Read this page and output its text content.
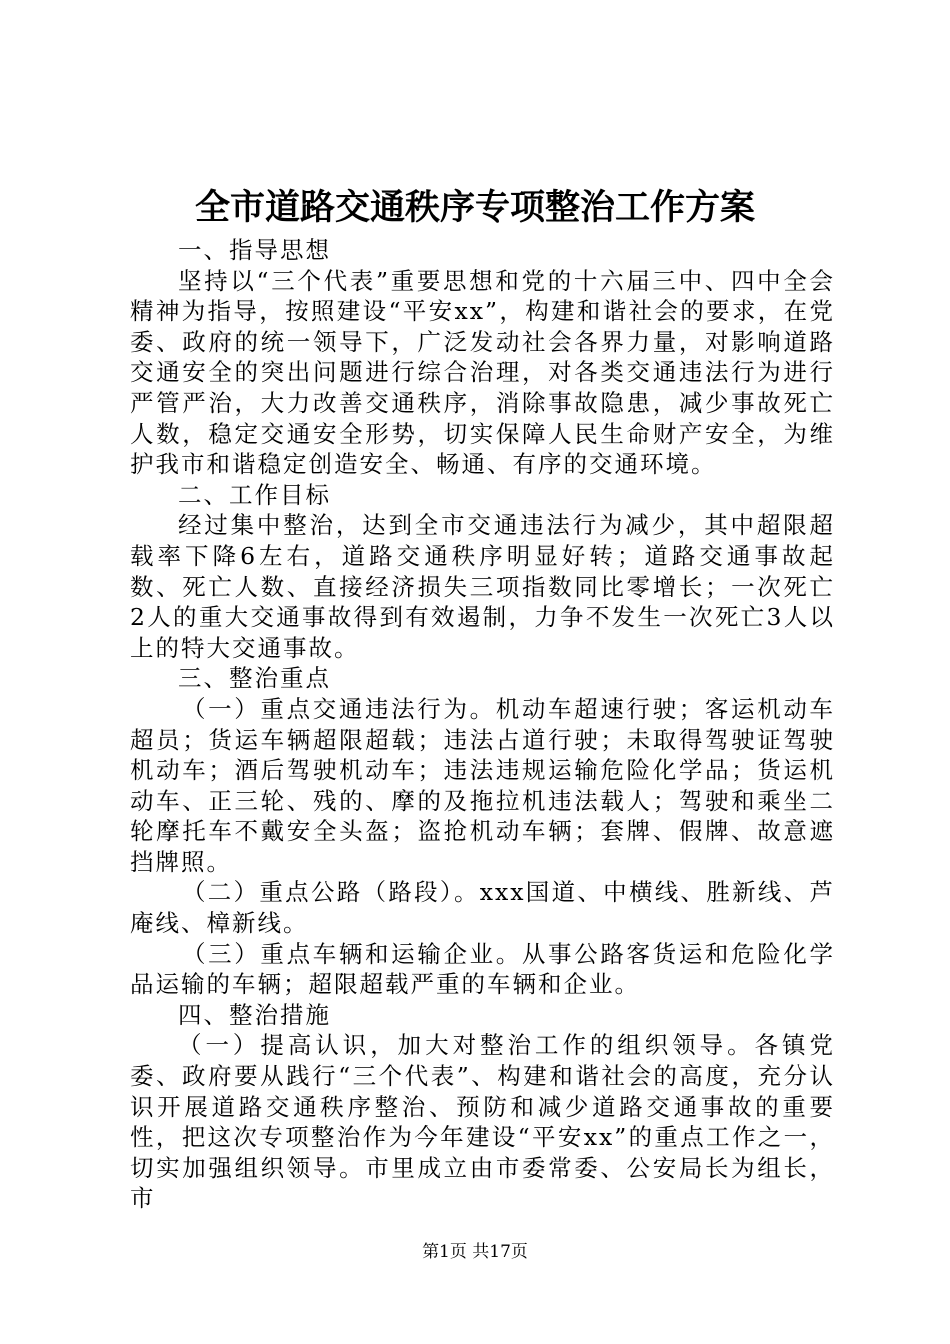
全市道路交通秩序专项整治工作方案

一、指导思想

坚持以“三个代表”重要思想和党的十六届三中、四中全会精神为指导，按照建设“平安xx”，构建和谐社会的要求，在党委、政府的统一领导下，广泛发动社会各界力量，对影响道路交通安全的突出问题进行综合治理，对各类交通违法行为进行严管严治，大力改善交通秩序，消除事故隐患，减少事故死亡人数，稳定交通安全形势，切实保障人民生命财产安全，为维护我市和谐稳定创造安全、畅通、有序的交通环境。

二、工作目标

经过集中整治，达到全市交通违法行为减少，其中超限超载率下降6左右，道路交通秩序明显好转；道路交通事故起数、死亡人数、直接经济损失三项指数同比零增长；一次死亡2人的重大交通事故得到有效遏制，力争不发生一次死亡3人以上的特大交通事故。

三、整治重点

（一）重点交通违法行为。机动车超速行驶；客运机动车超员；货运车辆超限超载；违法占道行驶；未取得驾驶证驾驶机动车；酒后驾驶机动车；违法违规运输危险化学品；货运机动车、正三轮、残的、摩的及拖拉机违法载人；驾驶和乘坐二轮摩托车不戴安全头盔；盗抢机动车辆；套牌、假牌、故意遮挡牌照。

（二）重点公路（路段）。xxx国道、中横线、胜新线、芦庵线、樟新线。

（三）重点车辆和运输企业。从事公路客货运和危险化学品运输的车辆；超限超载严重的车辆和企业。

四、整治措施

（一）提高认识，加大对整治工作的组织领导。各镇党委、政府要从践行“三个代表”、构建和谐社会的高度，充分认识开展道路交通秩序整治、预防和减少道路交通事故的重要性，把这次专项整治作为今年建设“平安xx”的重点工作之一，切实加强组织领导。市里成立由市委常委、公安局长为组长，市

第1页 共17页
